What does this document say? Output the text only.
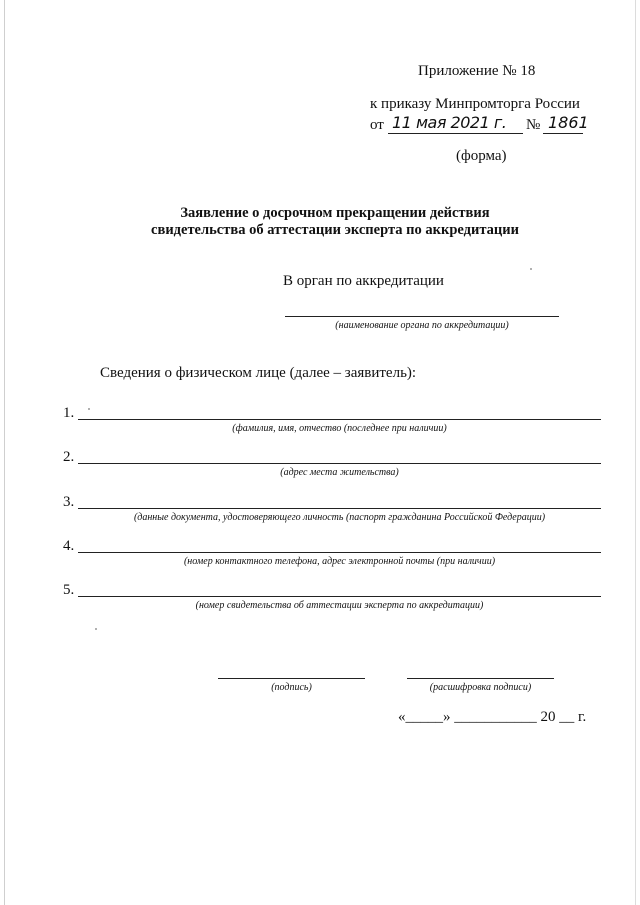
Приложение № 18
к приказу Минпромторга России
от 11 мая 2021 г. № 1861
(форма)
Заявление о досрочном прекращении действия
свидетельства об аттестации эксперта по аккредитации
В орган по аккредитации
(наименование органа по аккредитации)
Сведения о физическом лице (далее – заявитель):
1.
(фамилия, имя, отчество (последнее при наличии)
2.
(адрес места жительства)
3.
(данные документа, удостоверяющего личность (паспорт гражданина Российской Федерации)
4.
(номер контактного телефона, адрес электронной почты (при наличии)
5.
(номер свидетельства об аттестации эксперта по аккредитации)
(подпись)	(расшифровка подписи)
«_____» ___________ 20 __ г.
